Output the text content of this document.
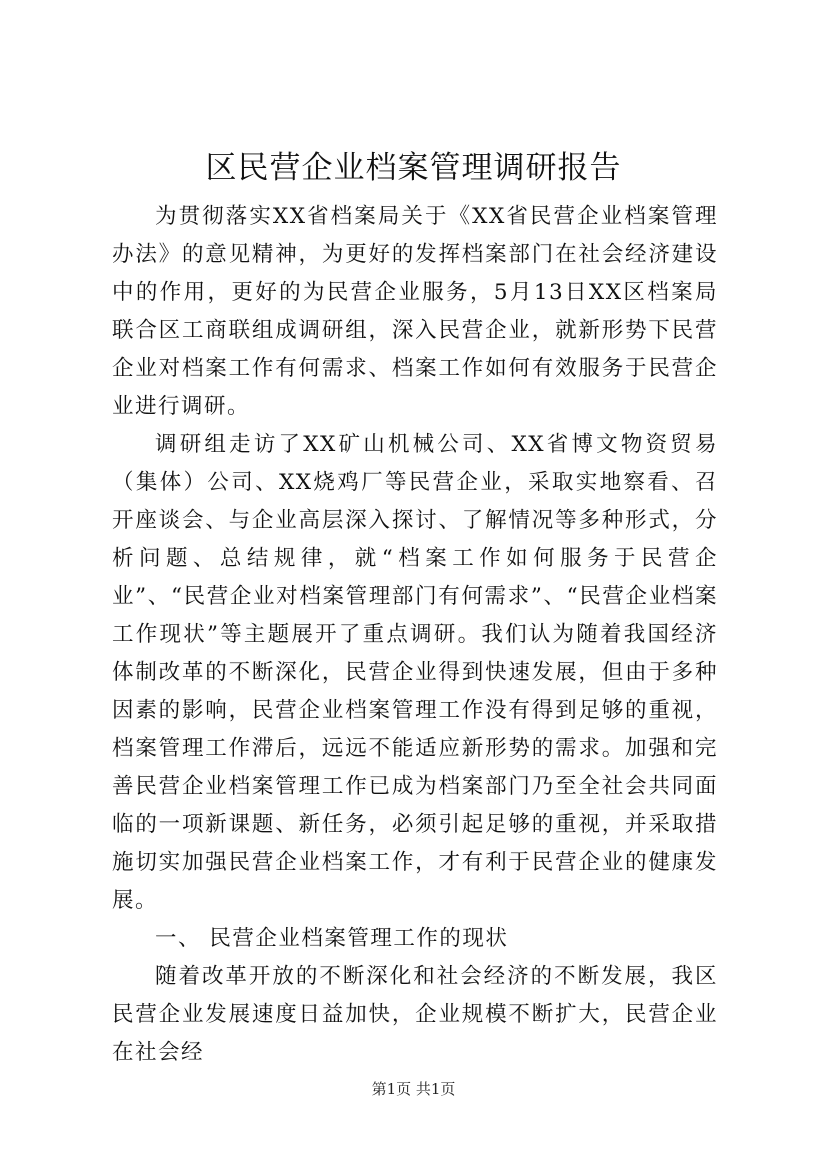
区民营企业档案管理调研报告

为贯彻落实XX省档案局关于《XX省民营企业档案管理办法》的意见精神，为更好的发挥档案部门在社会经济建设中的作用，更好的为民营企业服务，5月13日XX区档案局联合区工商联组成调研组，深入民营企业，就新形势下民营企业对档案工作有何需求、档案工作如何有效服务于民营企业进行调研。

调研组走访了XX矿山机械公司、XX省博文物资贸易（集体）公司、XX烧鸡厂等民营企业，采取实地察看、召开座谈会、与企业高层深入探讨、了解情况等多种形式，分析问题、总结规律，就“档案工作如何服务于民营企业”、“民营企业对档案管理部门有何需求”、“民营企业档案工作现状”等主题展开了重点调研。我们认为随着我国经济体制改革的不断深化，民营企业得到快速发展，但由于多种因素的影响，民营企业档案管理工作没有得到足够的重视，档案管理工作滞后，远远不能适应新形势的需求。加强和完善民营企业档案管理工作已成为档案部门乃至全社会共同面临的一项新课题、新任务，必须引起足够的重视，并采取措施切实加强民营企业档案工作，才有利于民营企业的健康发展。

一、 民营企业档案管理工作的现状

随着改革开放的不断深化和社会经济的不断发展，我区民营企业发展速度日益加快，企业规模不断扩大，民营企业在社会经

第1页 共1页
